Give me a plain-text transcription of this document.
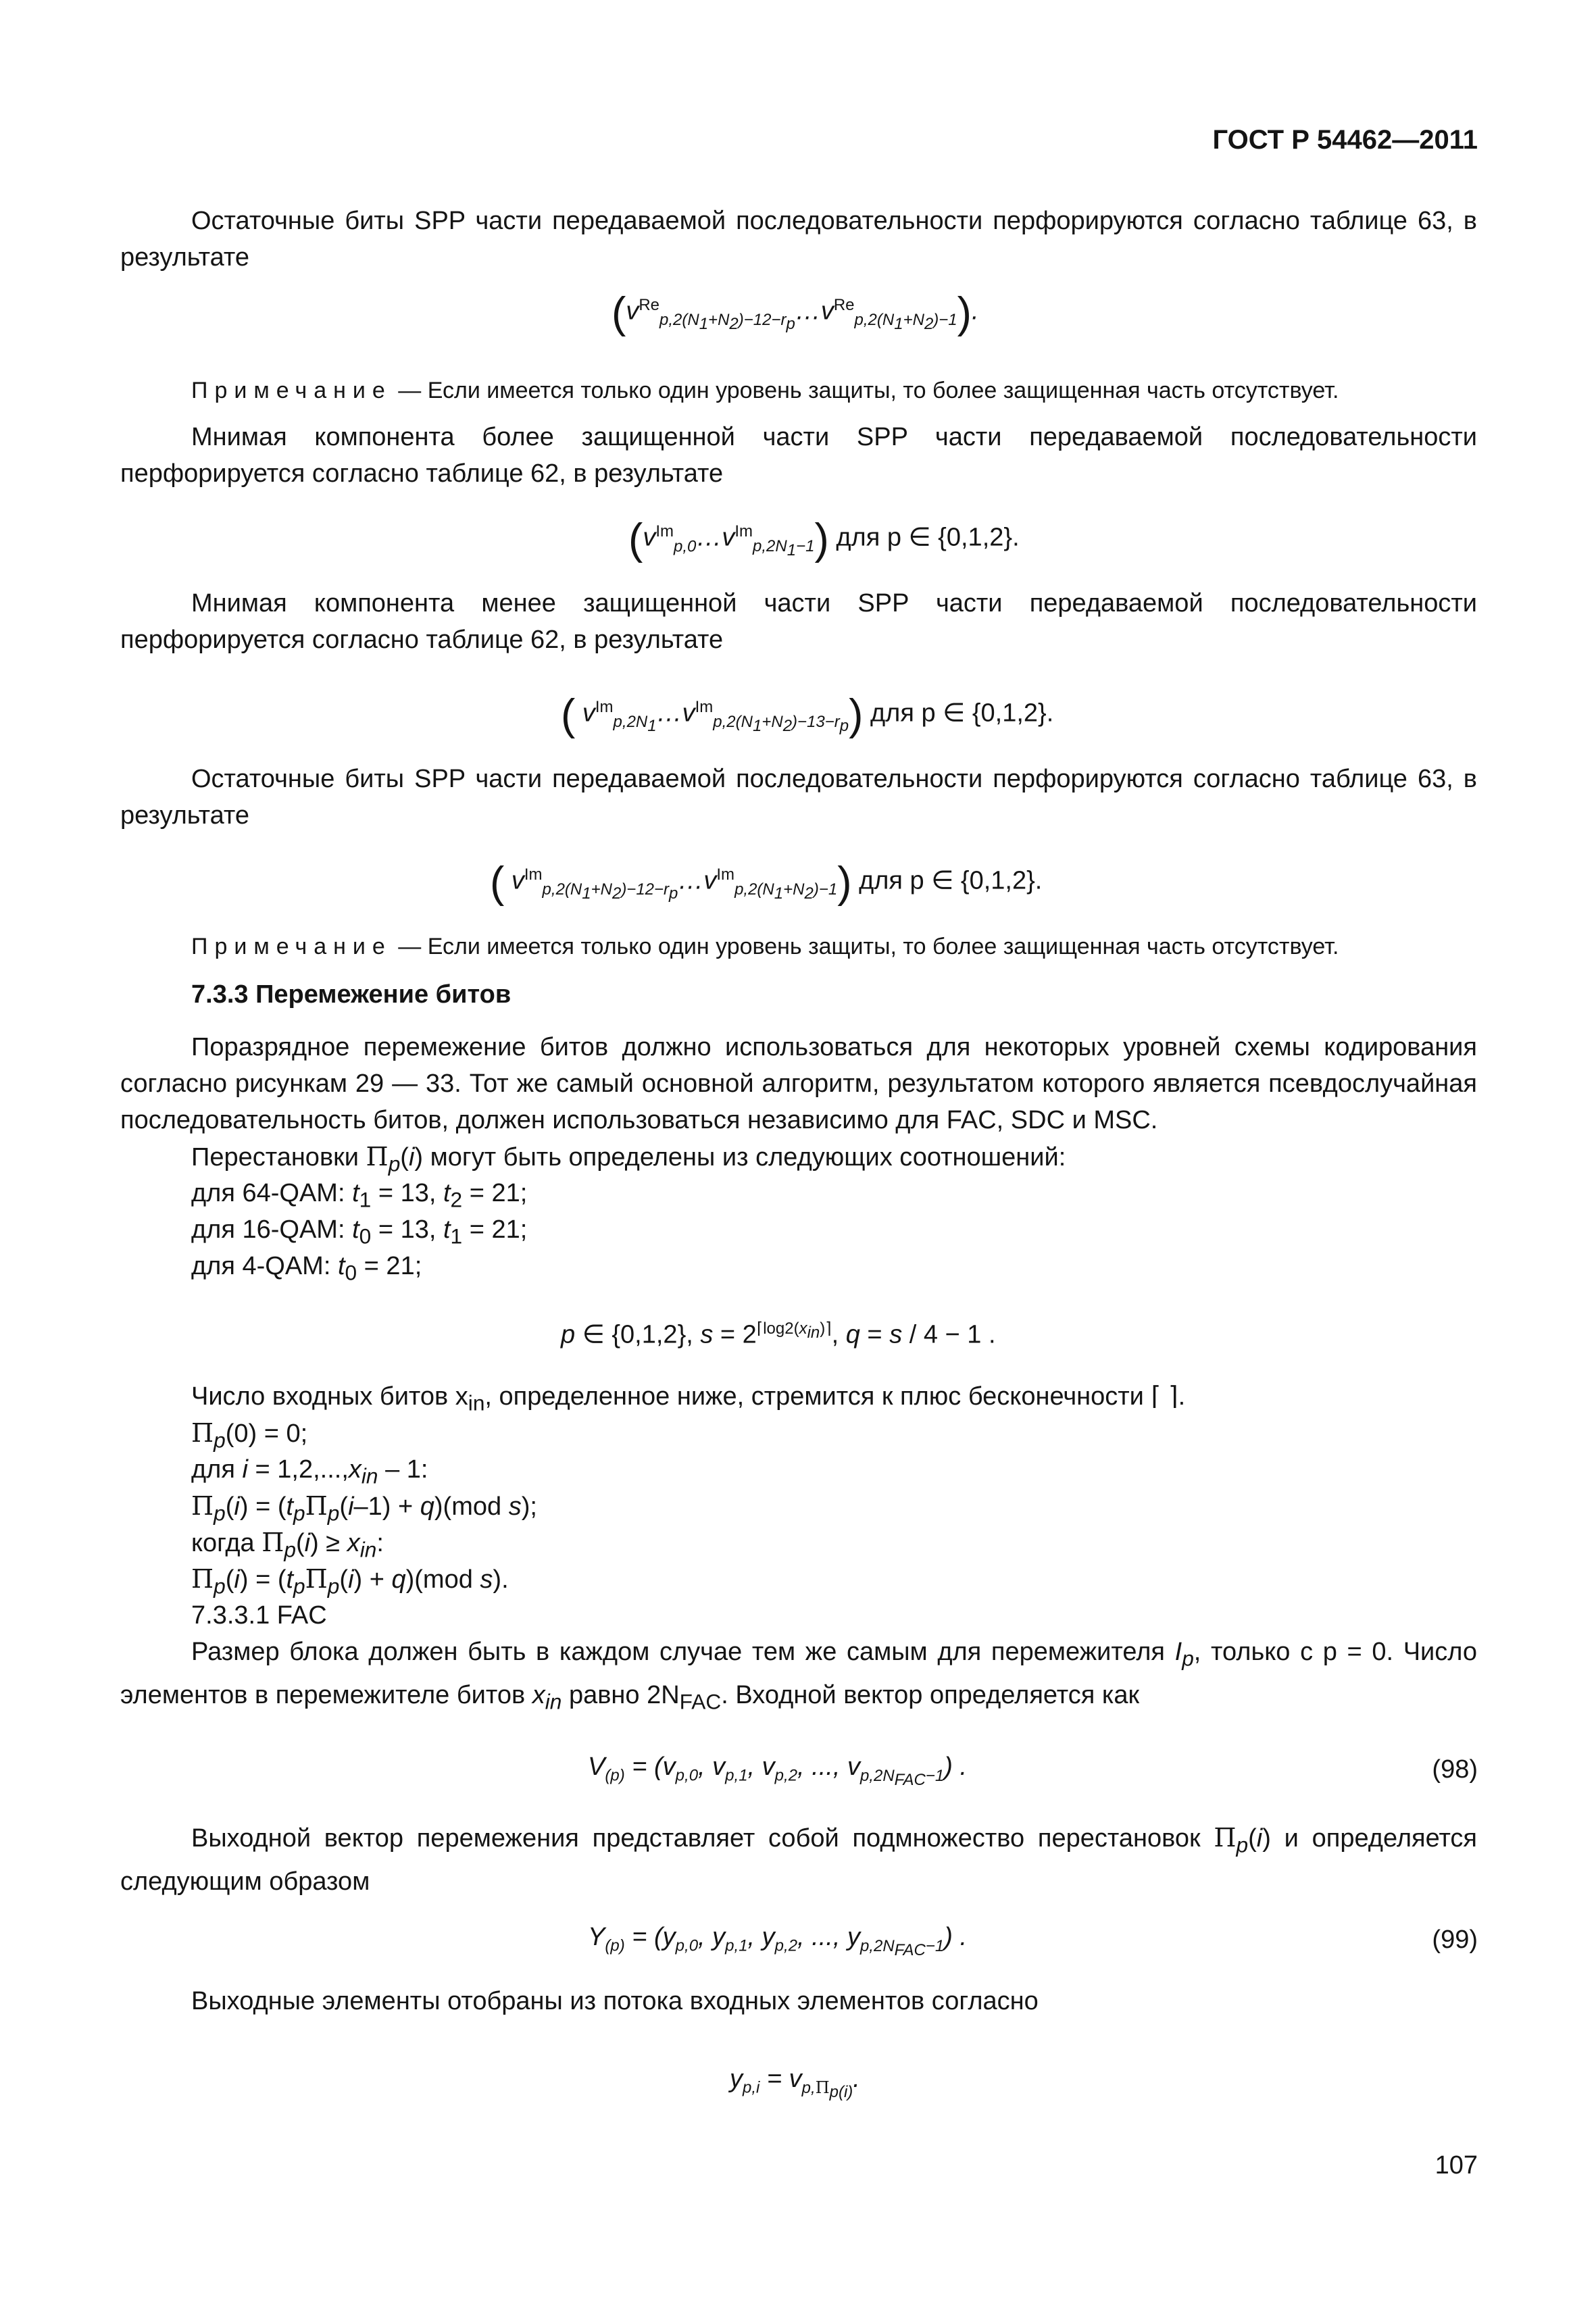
ГОСТ Р 54462—2011

Остаточные биты SPP части передаваемой последовательности перфорируются согласно таблице 63, в результате

$(v^{Re}_{p,2(N_1+N_2)-12-r_p}\dots v^{Re}_{p,2(N_1+N_2)-1})$.

Примечание — Если имеется только один уровень защиты, то более защищенная часть отсутствует.

Мнимая компонента более защищенной части SPP части передаваемой последовательности перфорируется согласно таблице 62, в результате

$(v^{Im}_{p,0}\dots v^{Im}_{p,2N_1-1})$ для p ∈ {0,1,2}.

Мнимая компонента менее защищенной части SPP части передаваемой последовательности перфорируется согласно таблице 62, в результате

( $v^{Im}_{p,2N_1}\dots v^{Im}_{p,2(N_1+N_2)-13-r_p}$) для p ∈ {0,1,2}.

Остаточные биты SPP части передаваемой последовательности перфорируются согласно таблице 63, в результате

( $v^{Im}_{p,2(N_1+N_2)-12-r_p}\dots v^{Im}_{p,2(N_1+N_2)-1}$) для p ∈ {0,1,2}.

Примечание — Если имеется только один уровень защиты, то более защищенная часть отсутствует.

7.3.3 Перемежение битов

Поразрядное перемежение битов должно использоваться для некоторых уровней схемы кодирования согласно рисункам 29 — 33. Тот же самый основной алгоритм, результатом которого является псевдослучайная последовательность битов, должен использоваться независимо для FAC, SDC и MSC.

Перестановки $\Pi_p(i)$ могут быть определены из следующих соотношений:

для 64-QAM: $t_1 = 13$, $t_2 = 21$;

для 16-QAM: $t_0 = 13$, $t_1 = 21$;

для 4-QAM: $t_0 = 21$;

p ∈ {0,1,2}, $s = 2^{⌈log2(x_{in})⌉}$, q = s / 4 − 1 .

Число входных битов $x_{in}$, определенное ниже, стремится к плюс бесконечности ⌈ ⌉.

$\Pi_p(0) = 0$;

для $i = 1,2,...,x_{in} - 1$:

$\Pi_p(i) = (t_p\Pi_p(i-1) + q)(mod$ s);

когда $\Pi_p(i) \ge x_{in}$:

$\Pi_p(i) = (t_p\Pi_p(i) + q)(mod$ s).

7.3.3.1 FAC

Размер блока должен быть в каждом случае тем же самым для перемежителя $I_p$, только с p = 0. Число элементов в перемежителе битов $x_{in}$ равно $2N_{FAC}$. Входной вектор определяется как

$V_{(p)} = (v_{p,0}$, $v_{p,1}$, $v_{p,2}$, ..., $v_{p,2N_{FAC}-1}$) .	(98)

Выходной вектор перемежения представляет собой подмножество перестановок $\Pi_p(i)$ и определяется следующим образом

$Y_{(p)} = (y_{p,0}$, $y_{p,1}$, $y_{p,2}$, ..., $y_{p,2N_{FAC}-1}$) .	(99)

Выходные элементы отобраны из потока входных элементов согласно

$y_{p,i} = v_{p,\Pi_{p(i)}}$.
107
